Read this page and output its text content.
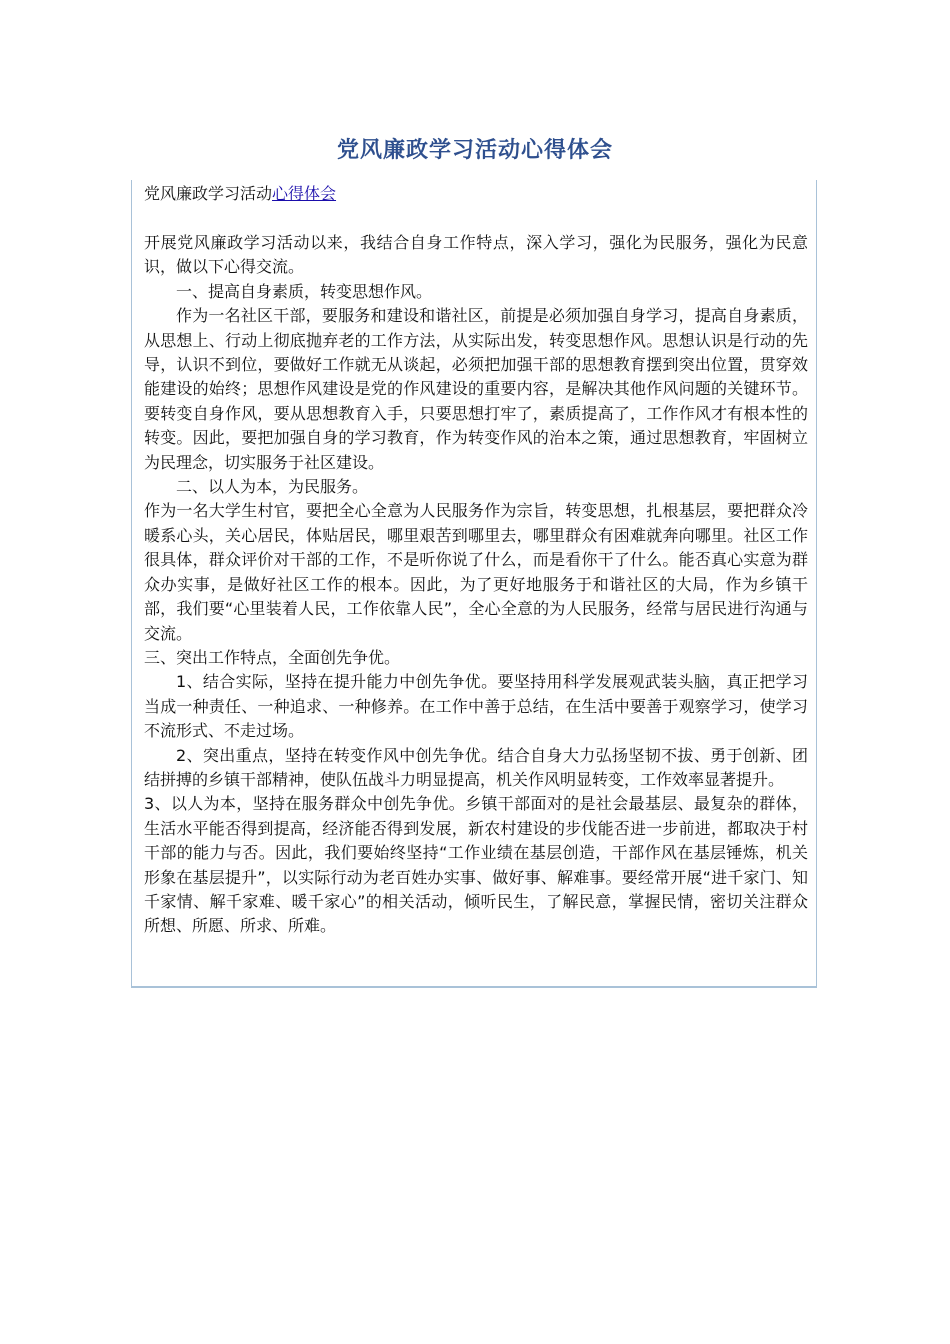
党风廉政学习活动心得体会

党风廉政学习活动心得体会

开展党风廉政学习活动以来，我结合自身工作特点，深入学习，强化为民服务，强化为民意识，做以下心得交流。

一、提高自身素质，转变思想作风。

作为一名社区干部，要服务和建设和谐社区，前提是必须加强自身学习，提高自身素质，从思想上、行动上彻底抛弃老的工作方法，从实际出发，转变思想作风。思想认识是行动的先导，认识不到位，要做好工作就无从谈起，必须把加强干部的思想教育摆到突出位置，贯穿效能建设的始终；思想作风建设是党的作风建设的重要内容，是解决其他作风问题的关键环节。要转变自身作风，要从思想教育入手，只要思想打牢了，素质提高了，工作作风才有根本性的转变。因此，要把加强自身的学习教育，作为转变作风的治本之策，通过思想教育，牢固树立为民理念，切实服务于社区建设。

二、以人为本，为民服务。

作为一名大学生村官，要把全心全意为人民服务作为宗旨，转变思想，扎根基层，要把群众冷暖系心头，关心居民，体贴居民，哪里艰苦到哪里去，哪里群众有困难就奔向哪里。社区工作很具体，群众评价对干部的工作，不是听你说了什么，而是看你干了什么。能否真心实意为群众办实事，是做好社区工作的根本。因此，为了更好地服务于和谐社区的大局，作为乡镇干部，我们要“心里装着人民，工作依靠人民”，全心全意的为人民服务，经常与居民进行沟通与交流。

三、突出工作特点，全面创先争优。

1、结合实际，坚持在提升能力中创先争优。要坚持用科学发展观武装头脑，真正把学习当成一种责任、一种追求、一种修养。在工作中善于总结，在生活中要善于观察学习，使学习不流形式、不走过场。

2、突出重点，坚持在转变作风中创先争优。结合自身大力弘扬坚韧不拔、勇于创新、团结拼搏的乡镇干部精神，使队伍战斗力明显提高，机关作风明显转变，工作效率显著提升。

3、以人为本，坚持在服务群众中创先争优。乡镇干部面对的是社会最基层、最复杂的群体，生活水平能否得到提高，经济能否得到发展，新农村建设的步伐能否进一步前进，都取决于村干部的能力与否。因此，我们要始终坚持“工作业绩在基层创造，干部作风在基层锤炼，机关形象在基层提升”，以实际行动为老百姓办实事、做好事、解难事。要经常开展“进千家门、知千家情、解千家难、暖千家心”的相关活动，倾听民生，了解民意，掌握民情，密切关注群众所想、所愿、所求、所难。
